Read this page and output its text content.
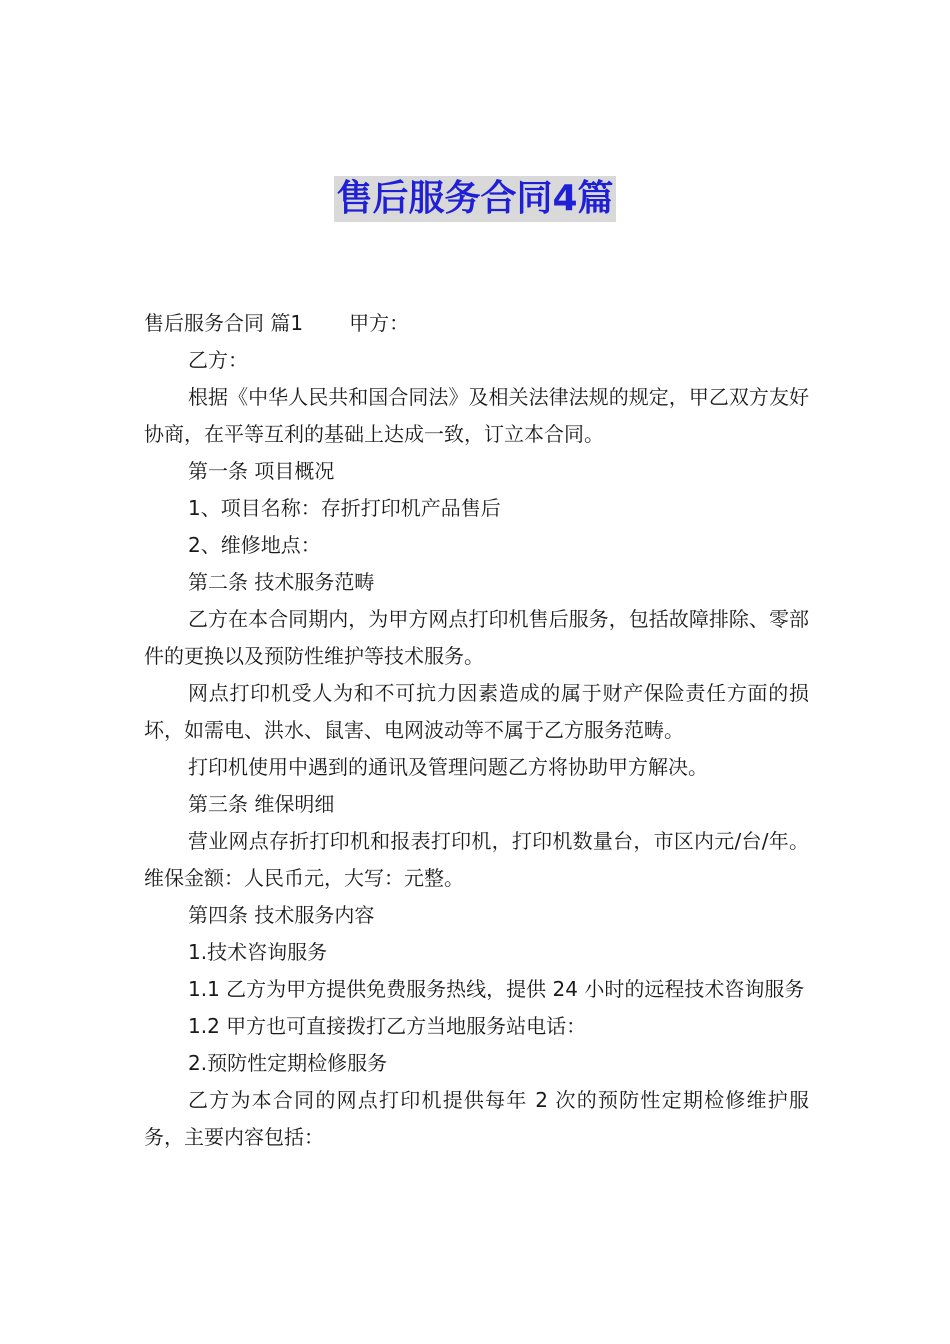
售后服务合同4篇

售后服务合同 篇1 甲方：

乙方：

根据《中华人民共和国合同法》及相关法律法规的规定，甲乙双方友好协商，在平等互利的基础上达成一致，订立本合同。

第一条 项目概况

1、项目名称：存折打印机产品售后

2、维修地点：

第二条 技术服务范畴

乙方在本合同期内，为甲方网点打印机售后服务，包括故障排除、零部件的更换以及预防性维护等技术服务。

网点打印机受人为和不可抗力因素造成的属于财产保险责任方面的损坏，如需电、洪水、鼠害、电网波动等不属于乙方服务范畴。

打印机使用中遇到的通讯及管理问题乙方将协助甲方解决。

第三条 维保明细

营业网点存折打印机和报表打印机，打印机数量台，市区内元/台/年。维保金额：人民币元，大写：元整。

第四条 技术服务内容

1.技术咨询服务

1.1 乙方为甲方提供免费服务热线，提供 24 小时的远程技术咨询服务

1.2 甲方也可直接拨打乙方当地服务站电话：

2.预防性定期检修服务

乙方为本合同的网点打印机提供每年 2 次的预防性定期检修维护服务，主要内容包括：
